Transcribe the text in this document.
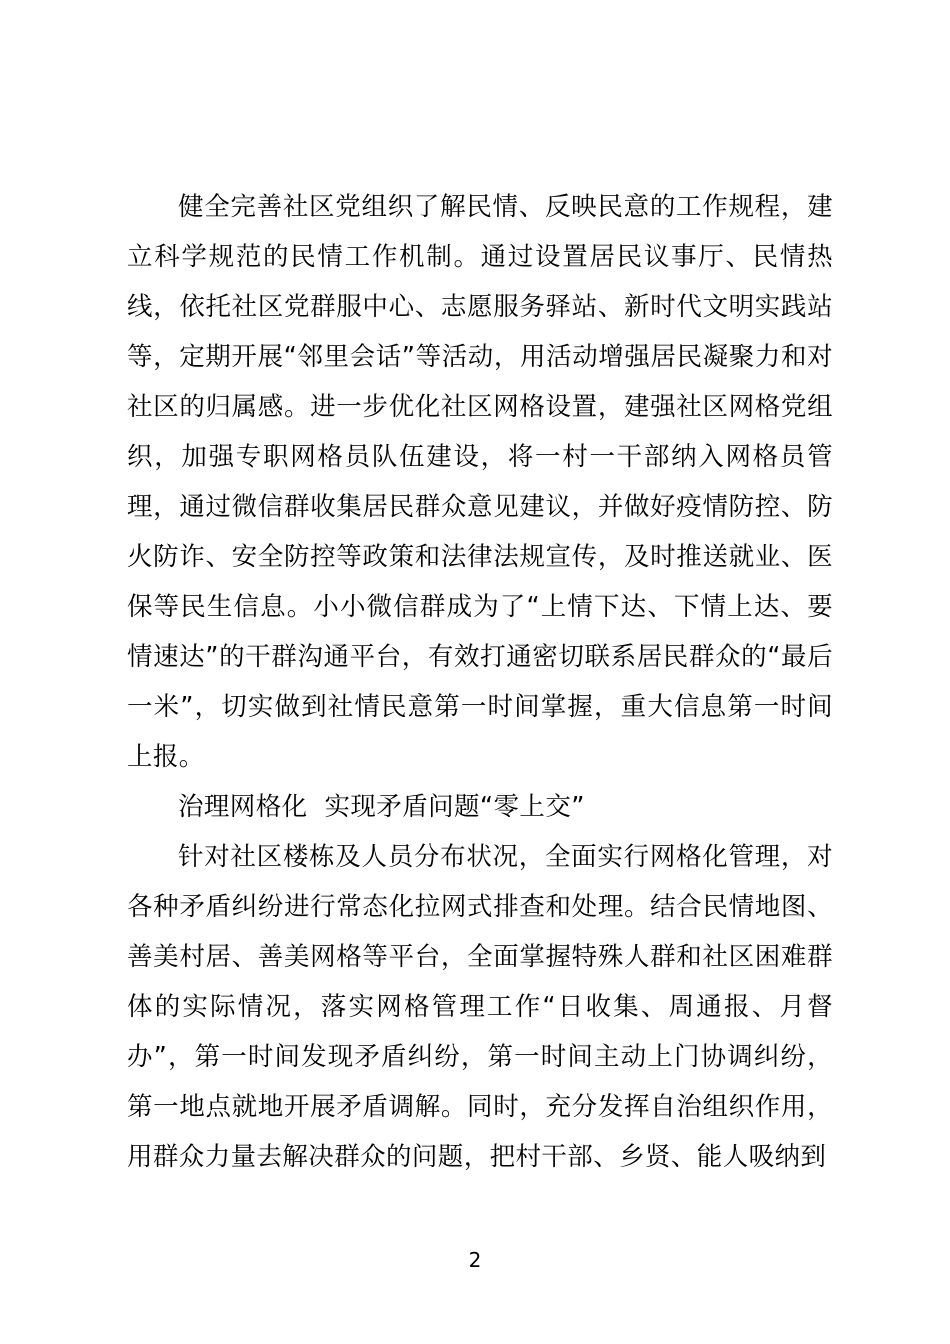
健全完善社区党组织了解民情、反映民意的工作规程，建立科学规范的民情工作机制。通过设置居民议事厅、民情热线，依托社区党群服中心、志愿服务驿站、新时代文明实践站等，定期开展“邻里会话”等活动，用活动增强居民凝聚力和对社区的归属感。进一步优化社区网格设置，建强社区网格党组织，加强专职网格员队伍建设，将一村一干部纳入网格员管理，通过微信群收集居民群众意见建议，并做好疫情防控、防火防诈、安全防控等政策和法律法规宣传，及时推送就业、医保等民生信息。小小微信群成为了“上情下达、下情上达、要情速达”的干群沟通平台，有效打通密切联系居民群众的“最后一米”，切实做到社情民意第一时间掌握，重大信息第一时间上报。

治理网格化  实现矛盾问题“零上交”

针对社区楼栋及人员分布状况，全面实行网格化管理，对各种矛盾纠纷进行常态化拉网式排查和处理。结合民情地图、善美村居、善美网格等平台，全面掌握特殊人群和社区困难群体的实际情况，落实网格管理工作“日收集、周通报、月督办”，第一时间发现矛盾纠纷，第一时间主动上门协调纠纷，第一地点就地开展矛盾调解。同时，充分发挥自治组织作用，用群众力量去解决群众的问题，把村干部、乡贤、能人吸纳到

2
